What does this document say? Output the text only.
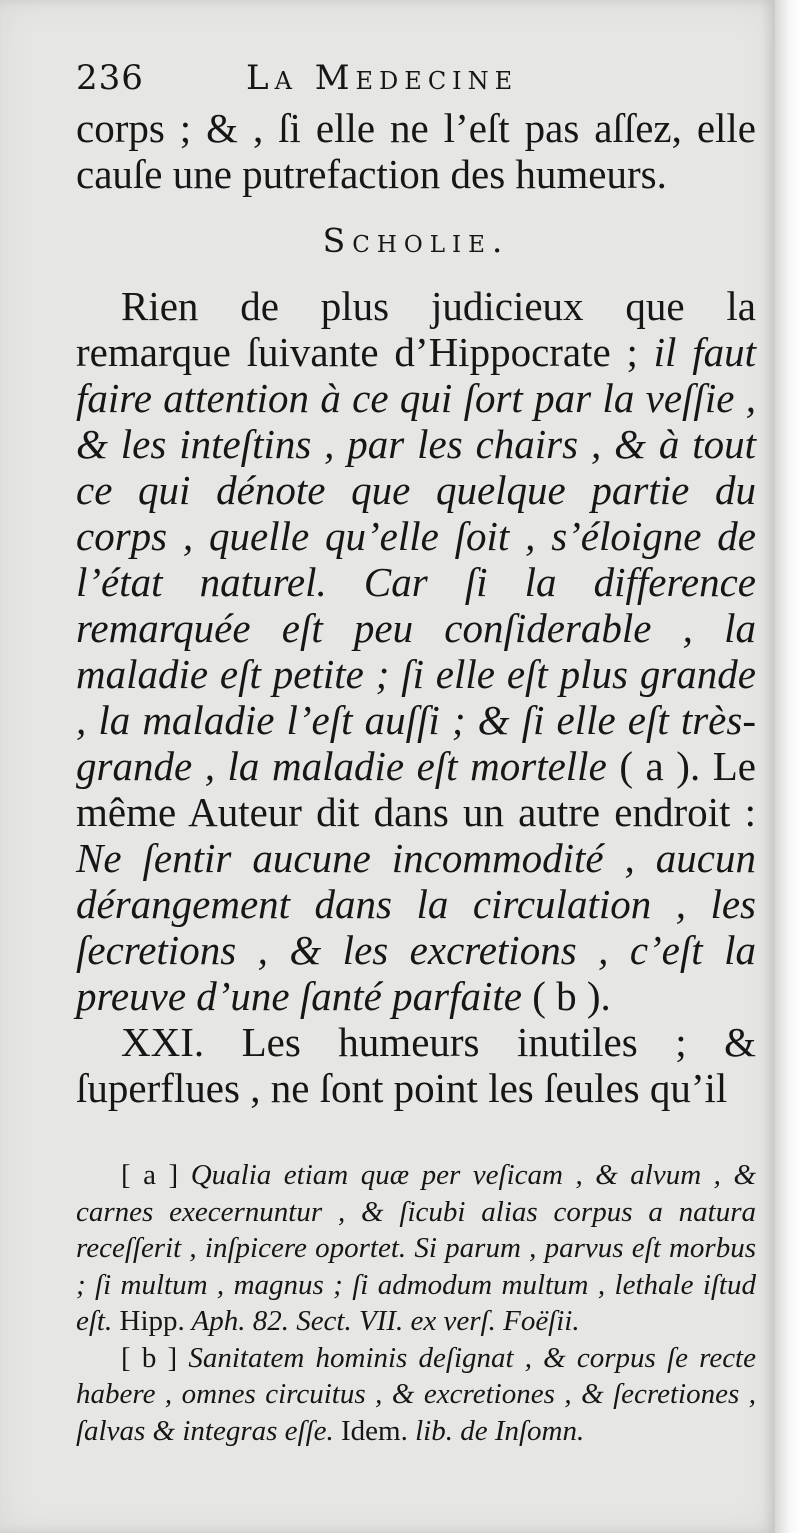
236	La Medecine

corps ; & , ſi elle ne l’eſt pas aſſez, elle cauſe une putrefaction des humeurs.

Scholie.

Rien de plus judicieux que la remarque ſuivante d’Hippocrate ; il faut faire attention à ce qui ſort par la veſſie , & les inteſtins , par les chairs , & à tout ce qui dénote que quelque partie du corps , quelle qu’elle ſoit , s’éloigne de l’état naturel. Car ſi la difference remarquée eſt peu conſiderable , la maladie eſt petite ; ſi elle eſt plus grande , la maladie l’eſt auſſi ; & ſi elle eſt très-grande , la maladie eſt mortelle ( a ). Le même Auteur dit dans un autre endroit : Ne ſentir aucune incommodité , aucun dérangement dans la circulation , les ſecretions , & les excretions , c’eſt la preuve d’une ſanté parfaite ( b ).

XXI. Les humeurs inutiles ; & ſuperflues , ne ſont point les ſeules qu’il

[ a ] Qualia etiam quæ per veſicam , & alvum , & carnes execernuntur , & ſicubi alias corpus a natura receſſerit , inſpicere oportet. Si parum , parvus eſt morbus ; ſi multum , magnus ; ſi admodum multum , lethale iſtud eſt. Hipp. Aph. 82. Sect. VII. ex verſ. Foëſii.

[ b ] Sanitatem hominis deſignat , & corpus ſe recte habere , omnes circuitus , & excretiones , & ſecretiones , ſalvas & integras eſſe. Idem. lib. de Inſomn.
